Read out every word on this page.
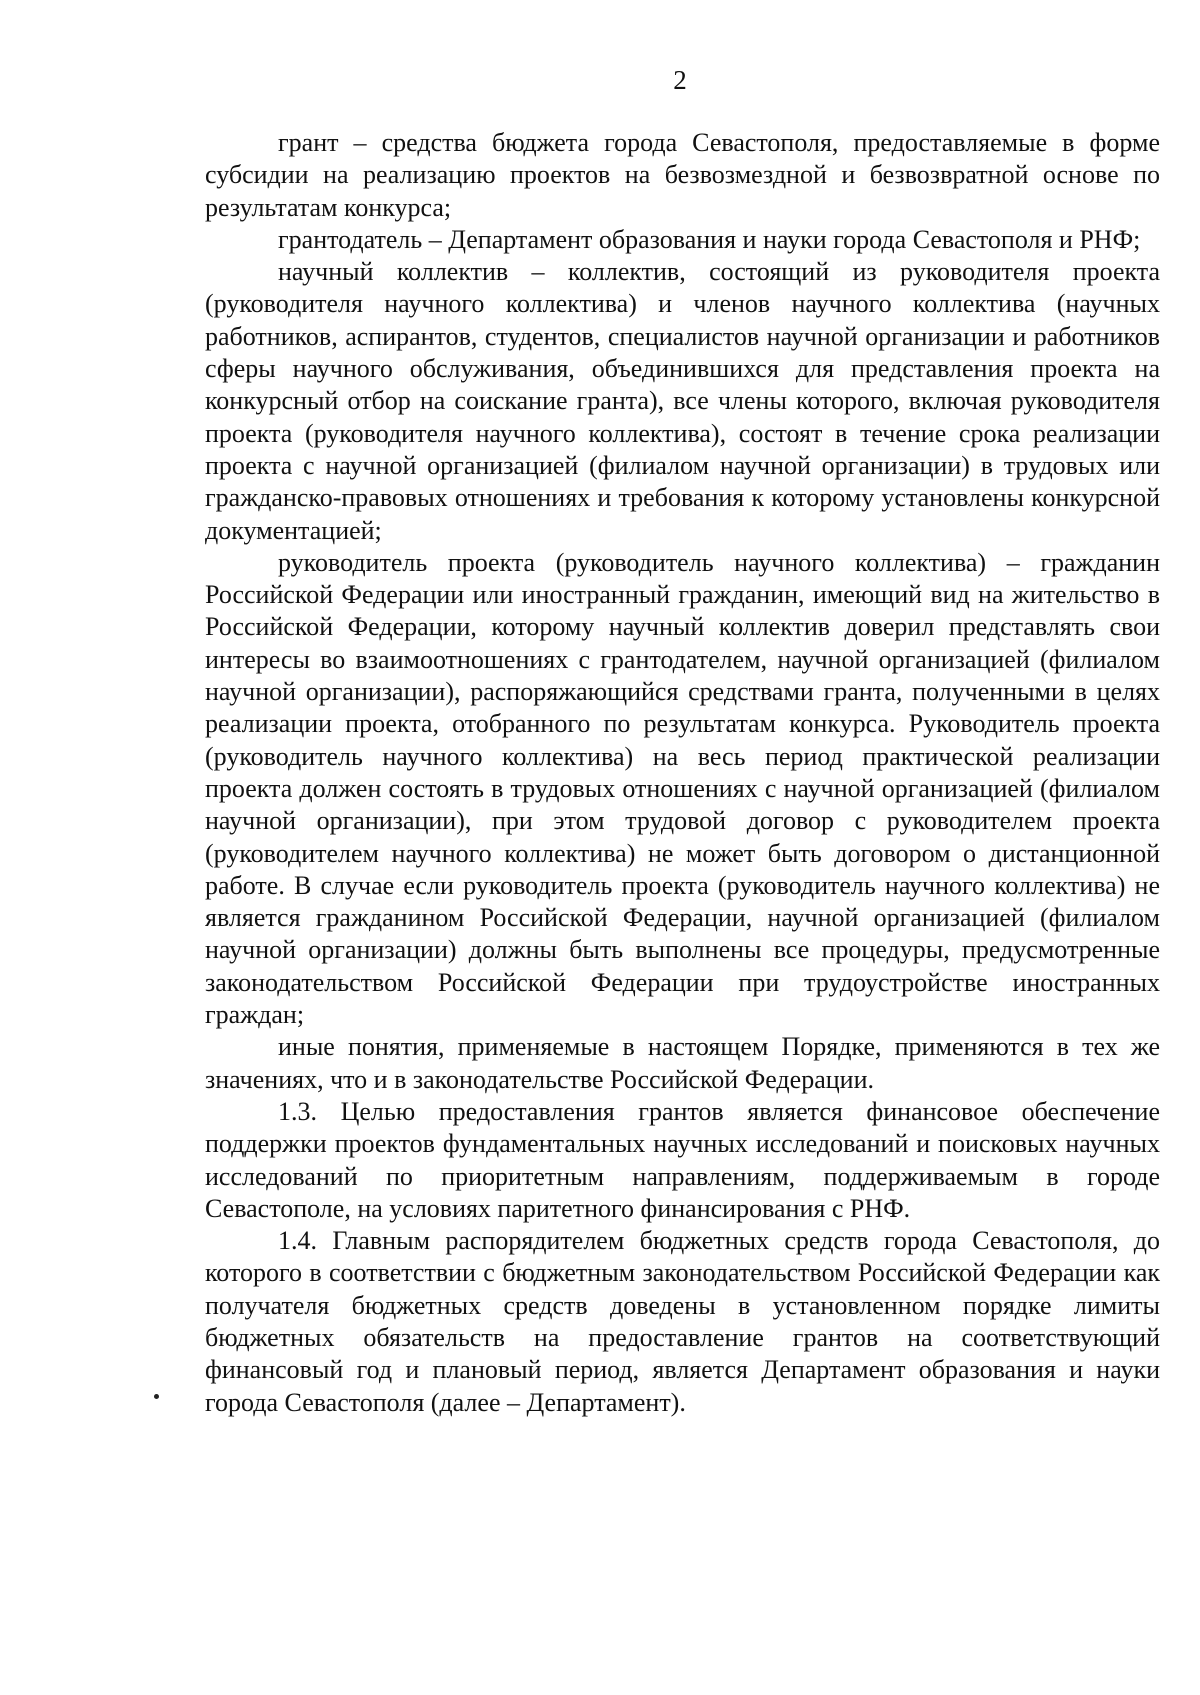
2

грант – средства бюджета города Севастополя, предоставляемые в форме субсидии на реализацию проектов на безвозмездной и безвозвратной основе по результатам конкурса;

грантодатель – Департамент образования и науки города Севастополя и РНФ;

научный коллектив – коллектив, состоящий из руководителя проекта (руководителя научного коллектива) и членов научного коллектива (научных работников, аспирантов, студентов, специалистов научной организации и работников сферы научного обслуживания, объединившихся для представления проекта на конкурсный отбор на соискание гранта), все члены которого, включая руководителя проекта (руководителя научного коллектива), состоят в течение срока реализации проекта с научной организацией (филиалом научной организации) в трудовых или гражданско-правовых отношениях и требования к которому установлены конкурсной документацией;

руководитель проекта (руководитель научного коллектива) – гражданин Российской Федерации или иностранный гражданин, имеющий вид на жительство в Российской Федерации, которому научный коллектив доверил представлять свои интересы во взаимоотношениях с грантодателем, научной организацией (филиалом научной организации), распоряжающийся средствами гранта, полученными в целях реализации проекта, отобранного по результатам конкурса. Руководитель проекта (руководитель научного коллектива) на весь период практической реализации проекта должен состоять в трудовых отношениях с научной организацией (филиалом научной организации), при этом трудовой договор с руководителем проекта (руководителем научного коллектива) не может быть договором о дистанционной работе. В случае если руководитель проекта (руководитель научного коллектива) не является гражданином Российской Федерации, научной организацией (филиалом научной организации) должны быть выполнены все процедуры, предусмотренные законодательством Российской Федерации при трудоустройстве иностранных граждан;

иные понятия, применяемые в настоящем Порядке, применяются в тех же значениях, что и в законодательстве Российской Федерации.

1.3. Целью предоставления грантов является финансовое обеспечение поддержки проектов фундаментальных научных исследований и поисковых научных исследований по приоритетным направлениям, поддерживаемым в городе Севастополе, на условиях паритетного финансирования с РНФ.

1.4. Главным распорядителем бюджетных средств города Севастополя, до которого в соответствии с бюджетным законодательством Российской Федерации как получателя бюджетных средств доведены в установленном порядке лимиты бюджетных обязательств на предоставление грантов на соответствующий финансовый год и плановый период, является Департамент образования и науки города Севастополя (далее – Департамент).
